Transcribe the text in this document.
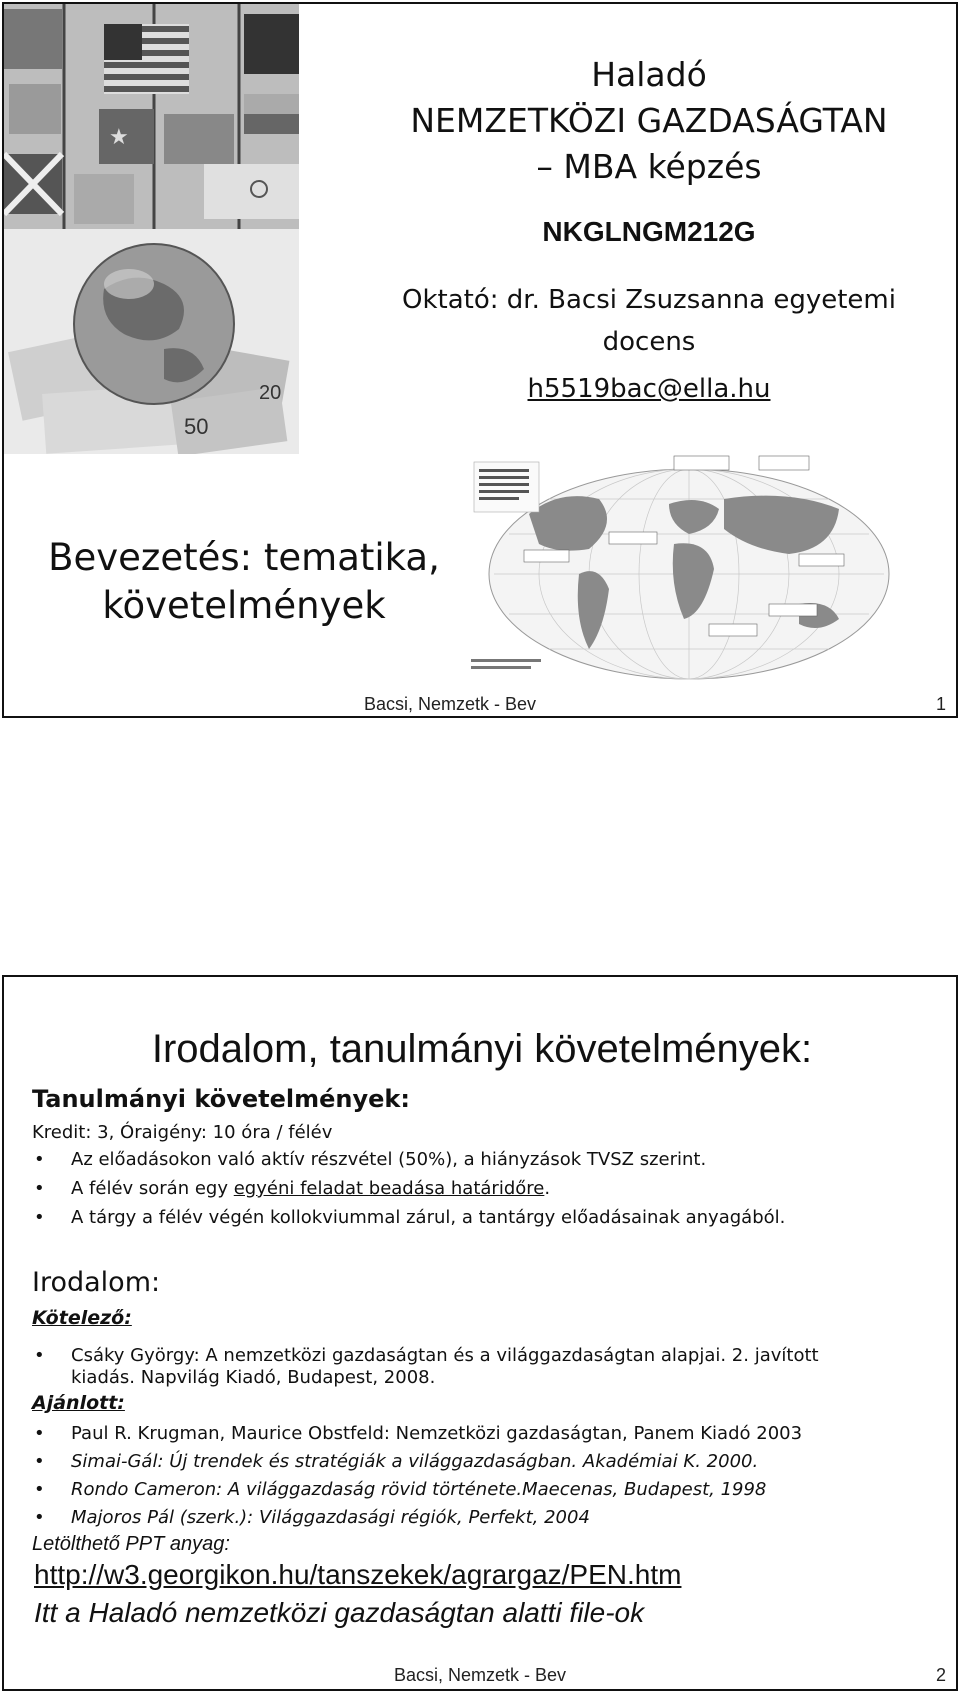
★
50
20
Haladó
NEMZETKÖZI GAZDASÁGTAN
– MBA képzés
NKGLNGM212G
Oktató: dr. Bacsi Zsuzsanna egyetemi
docens
h5519bac@ella.hu
Bevezetés: tematika,
követelmények
Bacsi, Nemzetk - Bev	1
Irodalom, tanulmányi követelmények:
Tanulmányi követelmények:
Kredit: 3, Óraigény: 10 óra / félév
• Az előadásokon való aktív részvétel (50%), a hiányzások TVSZ szerint.
• A félév során egy egyéni feladat beadása határidőre.
• A tárgy a félév végén kollokviummal zárul, a tantárgy előadásainak anyagából.
Irodalom:
Kötelező:
• Csáky György: A nemzetközi gazdaságtan és a világgazdaságtan alapjai. 2. javított
kiadás. Napvilág Kiadó, Budapest, 2008.
Ajánlott:
• Paul R. Krugman, Maurice Obstfeld: Nemzetközi gazdaságtan, Panem Kiadó 2003
• Simai-Gál: Új trendek és stratégiák a világgazdaságban. Akadémiai K. 2000.
• Rondo Cameron: A világgazdaság rövid története.Maecenas, Budapest, 1998
• Majoros Pál (szerk.): Világgazdasági régiók, Perfekt, 2004
Letölthető PPT anyag:
http://w3.georgikon.hu/tanszekek/agrargaz/PEN.htm
Itt a Haladó nemzetközi gazdaságtan alatti file-ok
Bacsi, Nemzetk - Bev	2
